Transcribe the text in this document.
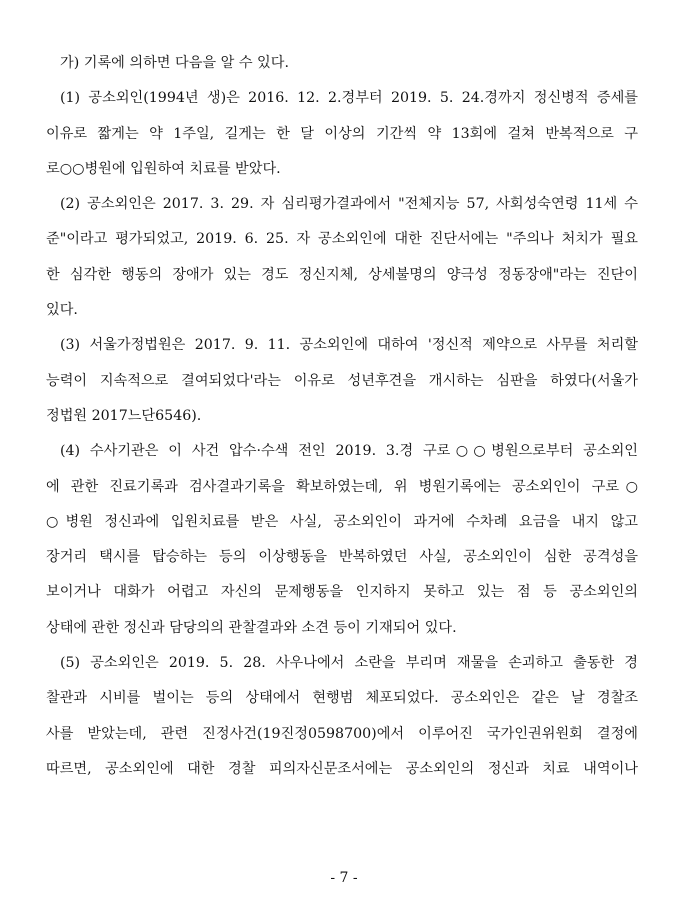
가) 기록에 의하면 다음을 알 수 있다.
(1) 공소외인(1994년 생)은 2016. 12. 2.경부터 2019. 5. 24.경까지 정신병적 증세를
이유로 짧게는 약 1주일, 길게는 한 달 이상의 기간씩 약 13회에 걸쳐 반복적으로 구
로○○병원에 입원하여 치료를 받았다.
(2) 공소외인은 2017. 3. 29. 자 심리평가결과에서 "전체지능 57, 사회성숙연령 11세 수
준"이라고 평가되었고, 2019. 6. 25. 자 공소외인에 대한 진단서에는 "주의나 처치가 필요
한 심각한 행동의 장애가 있는 경도 정신지체, 상세불명의 양극성 정동장애"라는 진단이
있다.
(3) 서울가정법원은 2017. 9. 11. 공소외인에 대하여 '정신적 제약으로 사무를 처리할
능력이 지속적으로 결여되었다'라는 이유로 성년후견을 개시하는 심판을 하였다(서울가
정법원 2017느단6546).
(4) 수사기관은 이 사건 압수·수색 전인 2019. 3.경 구로○○병원으로부터 공소외인
에 관한 진료기록과 검사결과기록을 확보하였는데, 위 병원기록에는 공소외인이 구로○
○병원 정신과에 입원치료를 받은 사실, 공소외인이 과거에 수차례 요금을 내지 않고
장거리 택시를 탑승하는 등의 이상행동을 반복하였던 사실, 공소외인이 심한 공격성을
보이거나 대화가 어렵고 자신의 문제행동을 인지하지 못하고 있는 점 등 공소외인의
상태에 관한 정신과 담당의의 관찰결과와 소견 등이 기재되어 있다.
(5) 공소외인은 2019. 5. 28. 사우나에서 소란을 부리며 재물을 손괴하고 출동한 경
찰관과 시비를 벌이는 등의 상태에서 현행범 체포되었다. 공소외인은 같은 날 경찰조
사를 받았는데, 관련 진정사건(19진정0598700)에서 이루어진 국가인권위원회 결정에
따르면, 공소외인에 대한 경찰 피의자신문조서에는 공소외인의 정신과 치료 내역이나
- 7 -
